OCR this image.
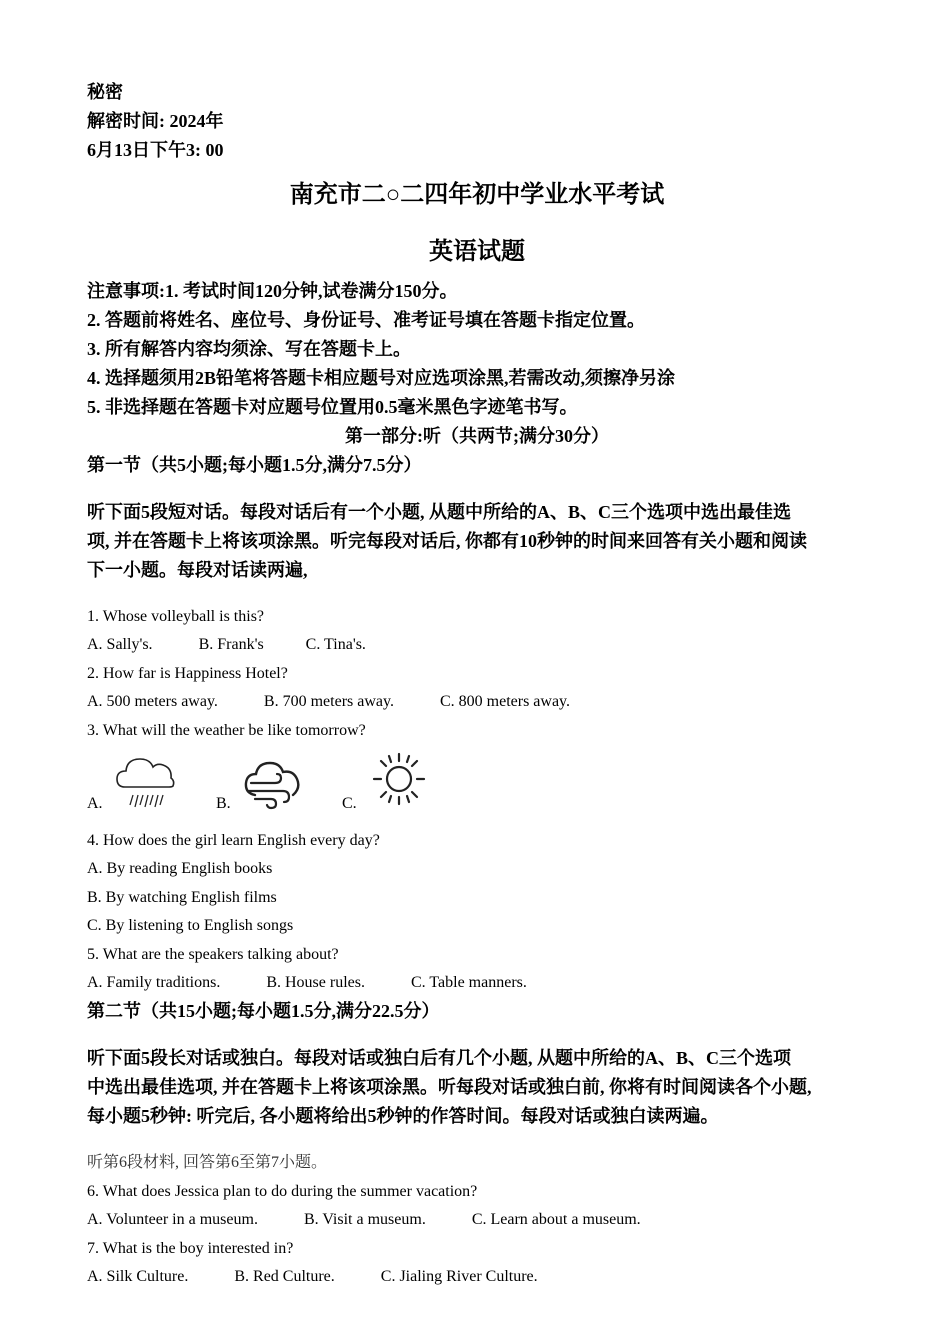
秘密

解密时间: 2024年

6月13日下午3: 00

南充市二○二四年初中学业水平考试

英语试题

注意事项:1. 考试时间120分钟,试卷满分150分。

2. 答题前将姓名、座位号、身份证号、准考证号填在答题卡指定位置。

3. 所有解答内容均须涂、写在答题卡上。

4. 选择题须用2B铅笔将答题卡相应题号对应选项涂黑,若需改动,须擦净另涂

5. 非选择题在答题卡对应题号位置用0.5毫米黑色字迹笔书写。

第一部分:听（共两节;满分30分）

第一节（共5小题;每小题1.5分,满分7.5分）

听下面5段短对话。每段对话后有一个小题, 从题中所给的A、B、C三个选项中选出最佳选
项, 并在答题卡上将该项涂黑。听完每段对话后, 你都有10秒钟的时间来回答有关小题和阅读
下一小题。每段对话读两遍,

1. Whose volleyball is this?

A. Sally's.	B. Frank's	C. Tina's.

2. How far is Happiness Hotel?

A. 500 meters away.	B. 700 meters away.	C. 800 meters away.

3. What will the weather be like tomorrow?

A.	B.	C.

4. How does the girl learn English every day?

A. By reading English books

B. By watching English films

C. By listening to English songs

5. What are the speakers talking about?

A. Family traditions.	B. House rules.	C. Table manners.

第二节（共15小题;每小题1.5分,满分22.5分）

听下面5段长对话或独白。每段对话或独白后有几个小题, 从题中所给的A、B、C三个选项
中选出最佳选项, 并在答题卡上将该项涂黑。听每段对话或独白前, 你将有时间阅读各个小题,
每小题5秒钟: 听完后, 各小题将给出5秒钟的作答时间。每段对话或独白读两遍。

听第6段材料, 回答第6至第7小题。

6. What does Jessica plan to do during the summer vacation?

A. Volunteer in a museum.	B. Visit a museum.	C. Learn about a museum.

7. What is the boy interested in?

A. Silk Culture.	B. Red Culture.	C. Jialing River Culture.
